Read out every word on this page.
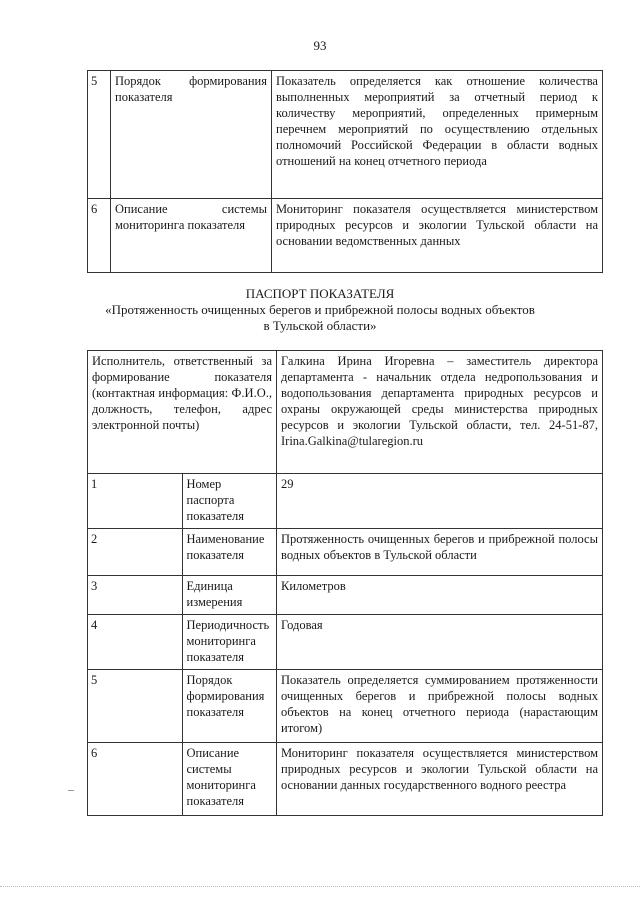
93
5	Порядок формирования показателя	Показатель определяется как отношение количества выполненных мероприятий за отчетный период к количеству мероприятий, определенных примерным перечнем мероприятий по осуществлению отдельных полномочий Российской Федерации в области водных отношений на конец отчетного периода
6	Описание системы мониторинга показателя	Мониторинг показателя осуществляется министерством природных ресурсов и экологии Тульской области на основании ведомственных данных
ПАСПОРТ ПОКАЗАТЕЛЯ
«Протяженность очищенных берегов и прибрежной полосы водных объектов
в Тульской области»
Исполнитель, ответственный за формирование показателя (контактная информация: Ф.И.О., должность, телефон, адрес электронной почты)		Галкина Ирина Игоревна – заместитель директора департамента - начальник отдела недропользования и водопользования департамента природных ресурсов и охраны окружающей среды министерства природных ресурсов и экологии Тульской области, тел. 24-51-87, Irina.Galkina@tularegion.ru
1	Номер паспорта показателя	29
2	Наименование показателя	Протяженность очищенных берегов и прибрежной полосы водных объектов в Тульской области
3	Единица измерения	Километров
4	Периодичность мониторинга показателя	Годовая
5	Порядок формирования показателя	Показатель определяется суммированием протяженности очищенных берегов и прибрежной полосы водных объектов на конец отчетного периода (нарастающим итогом)
6	Описание системы мониторинга показателя	Мониторинг показателя осуществляется министерством природных ресурсов и экологии Тульской области на основании данных государственного водного реестра
